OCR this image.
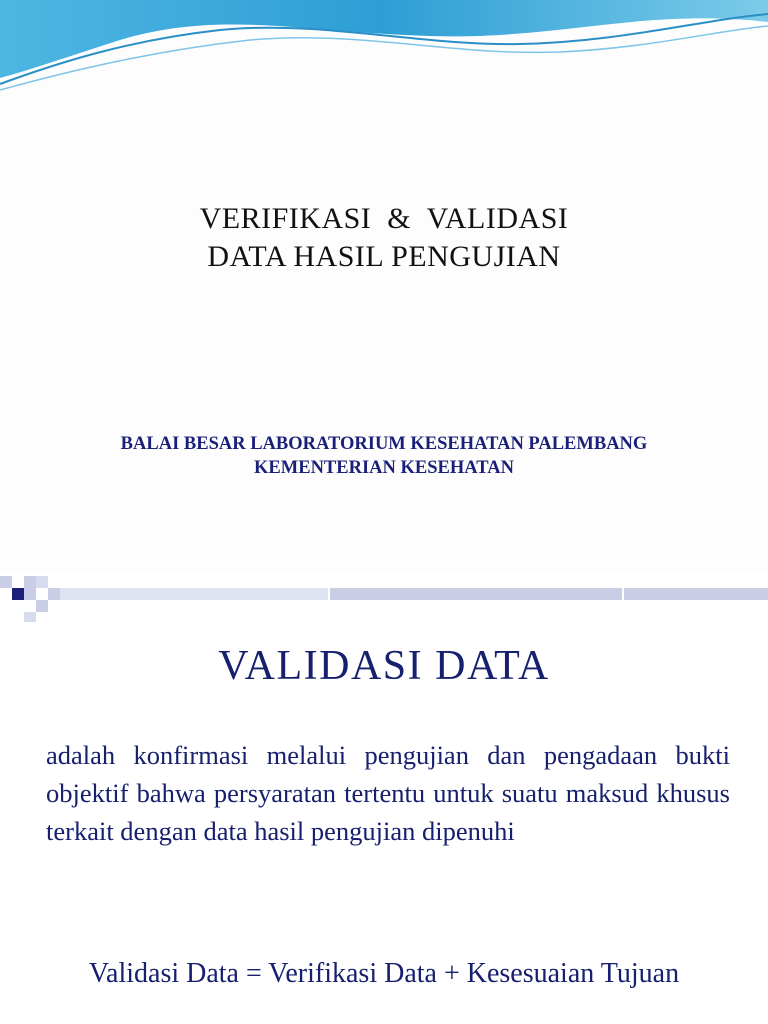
VERIFIKASI  &  VALIDASI
DATA HASIL PENGUJIAN
BALAI BESAR LABORATORIUM KESEHATAN PALEMBANG
KEMENTERIAN KESEHATAN
VALIDASI DATA
adalah konfirmasi melalui pengujian dan pengadaan bukti objektif bahwa persyaratan tertentu untuk suatu maksud khusus terkait dengan data hasil pengujian dipenuhi
Validasi Data = Verifikasi Data + Kesesuaian Tujuan
